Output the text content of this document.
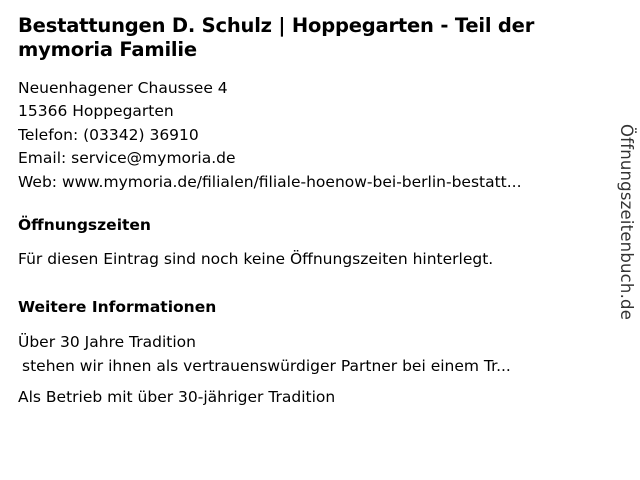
Bestattungen D. Schulz | Hoppegarten - Teil der mymoria Familie
Neuenhagener Chaussee 4
15366 Hoppegarten
Telefon: (03342) 36910
Email: service@mymoria.de
Web: www.mymoria.de/filialen/filiale-hoenow-bei-berlin-bestatt...
Öffnungszeiten

Für diesen Eintrag sind noch keine Öffnungszeiten hinterlegt.

Weitere Informationen
Über 30 Jahre Tradition
stehen wir ihnen als vertrauenswürdiger Partner bei einem Tr...
Als Betrieb mit über 30-jähriger Tradition
Öffnungszeitenbuch.de
